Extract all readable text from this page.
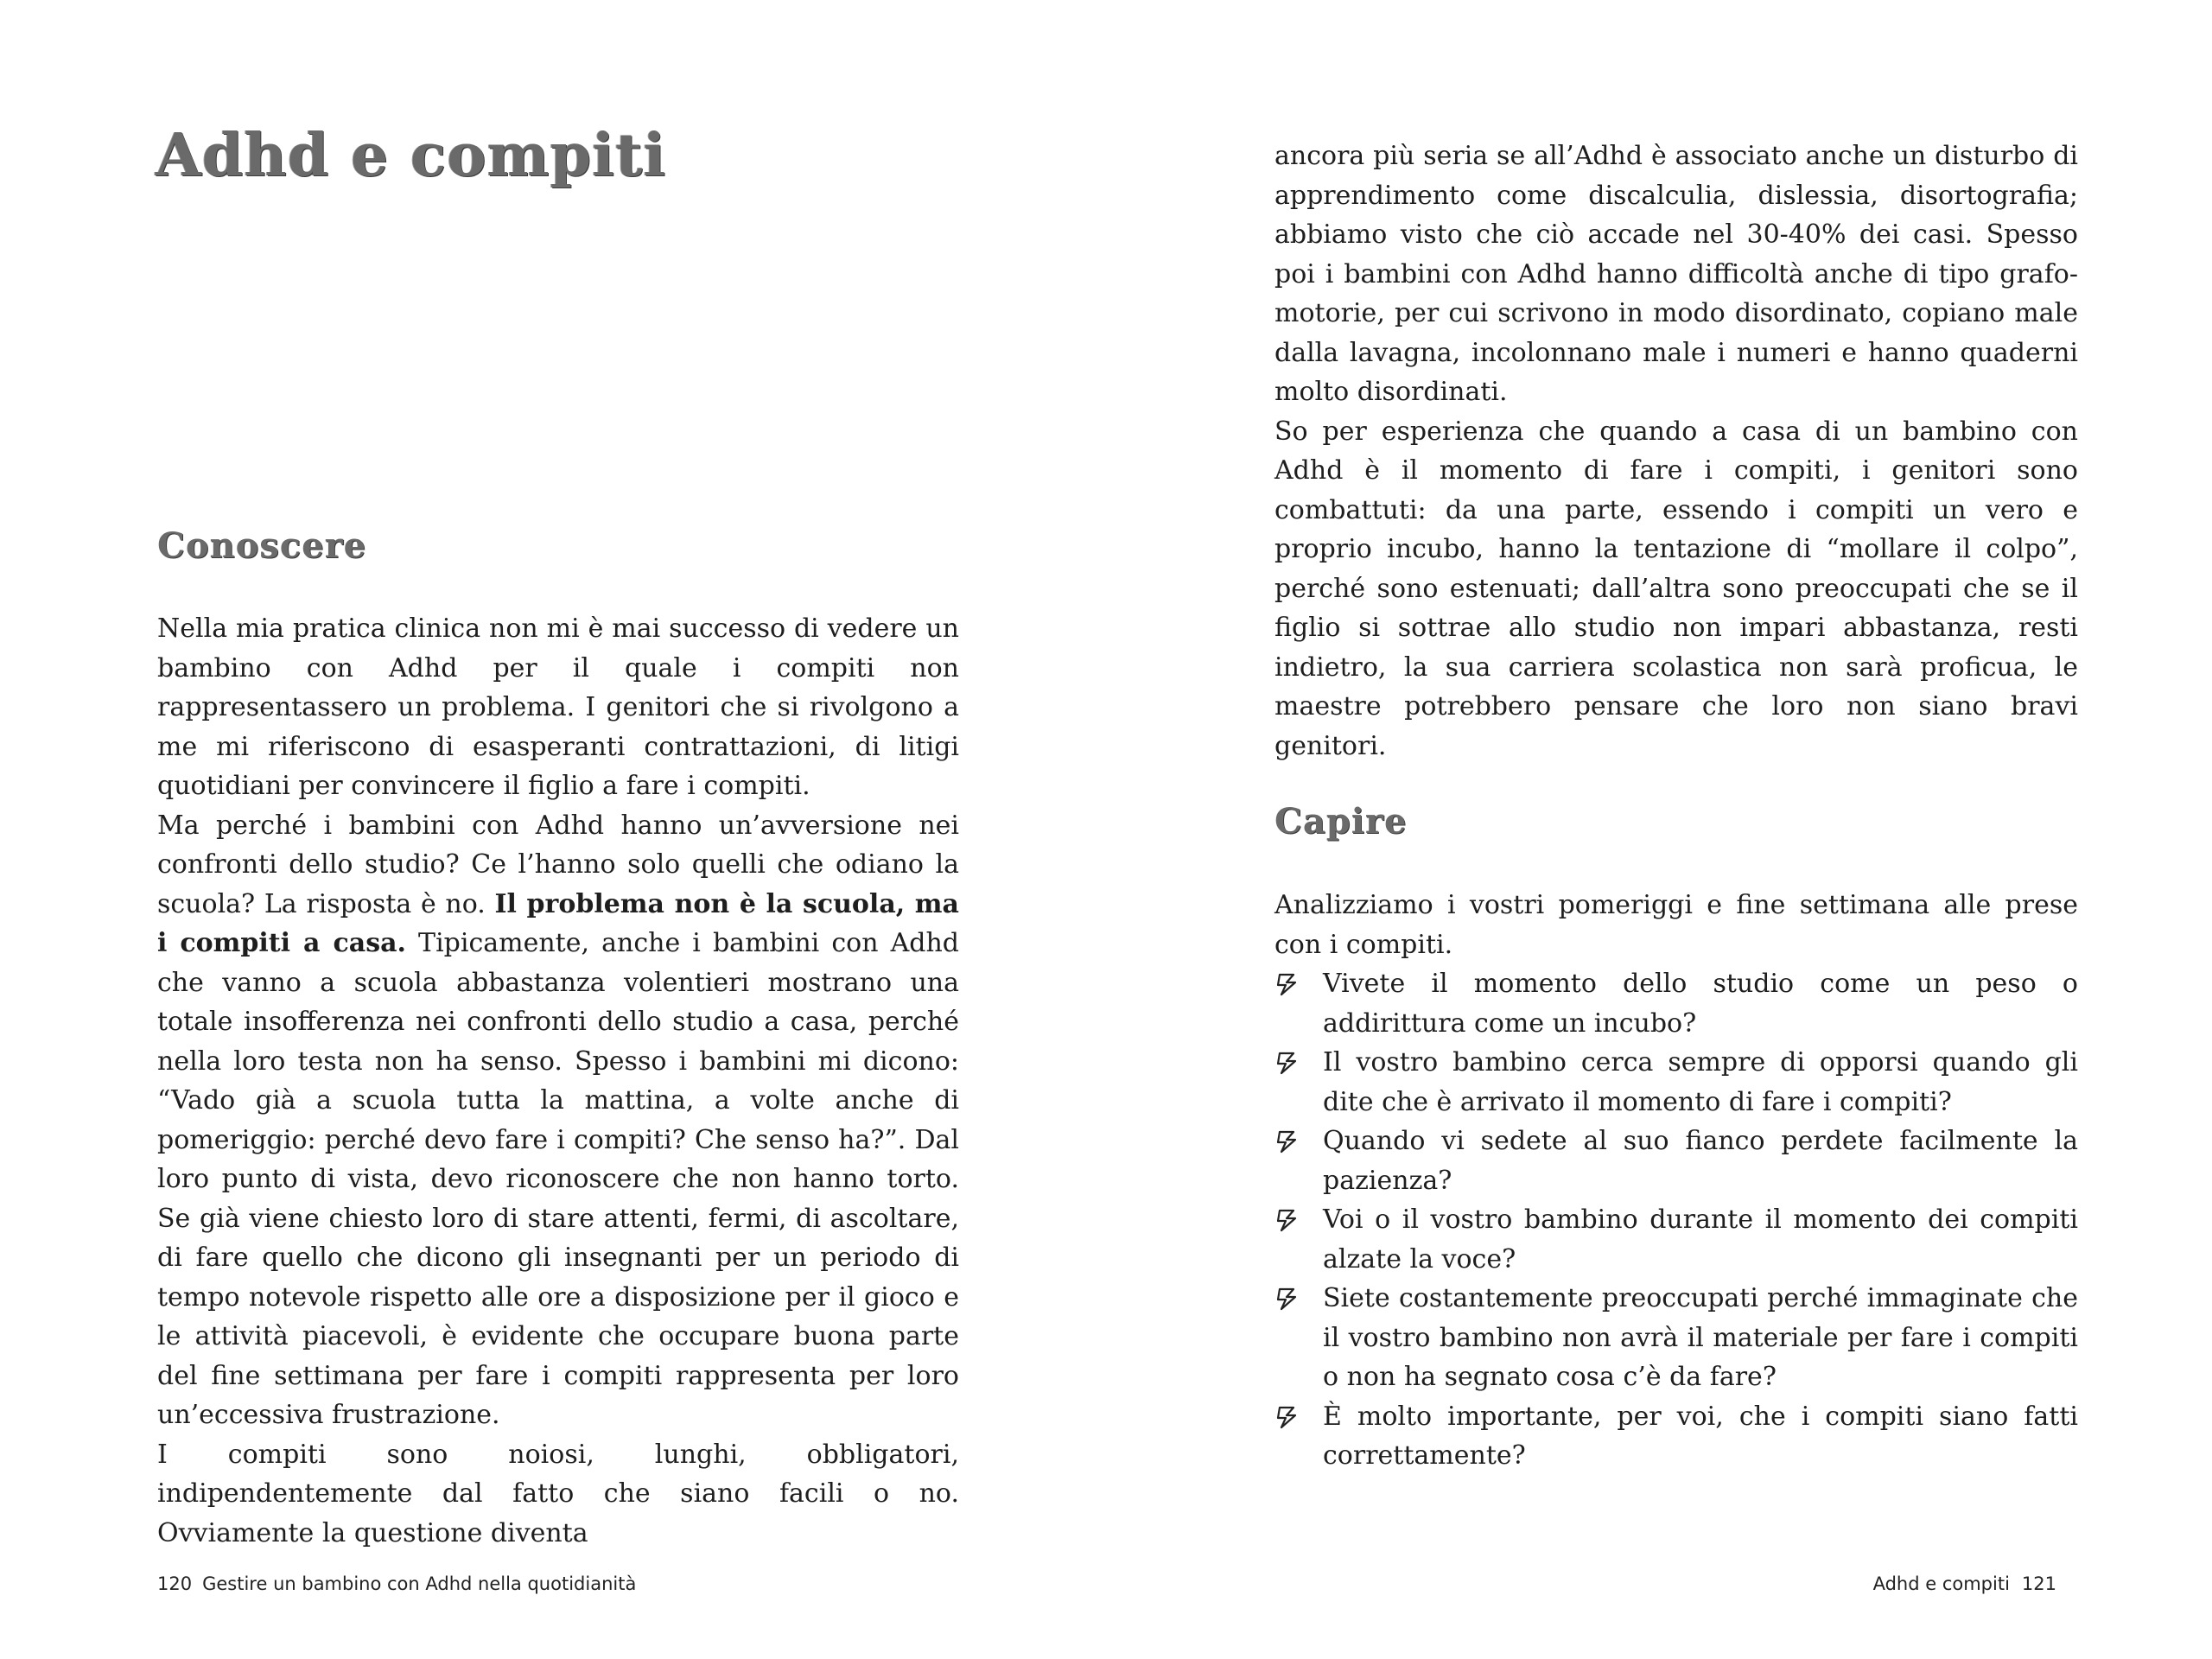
Adhd e compiti
Conoscere

Nella mia pratica clinica non mi è mai successo di vedere un bambino con Adhd per il quale i compiti non rappresentassero un problema. I genitori che si rivolgono a me mi riferiscono di esasperanti contrattazioni, di litigi quotidiani per convincere il figlio a fare i compiti.

Ma perché i bambini con Adhd hanno un’avversione nei confronti dello studio? Ce l’hanno solo quelli che odiano la scuola? La risposta è no. Il problema non è la scuola, ma i compiti a casa. Tipicamente, anche i bambini con Adhd che vanno a scuola abbastanza volentieri mostrano una totale insofferenza nei confronti dello studio a casa, perché nella loro testa non ha senso. Spesso i bambini mi dicono: “Vado già a scuola tutta la mattina, a volte anche di pomeriggio: perché devo fare i compiti? Che senso ha?”. Dal loro punto di vista, devo riconoscere che non hanno torto. Se già viene chiesto loro di stare attenti, fermi, di ascoltare, di fare quello che dicono gli insegnanti per un periodo di tempo notevole rispetto alle ore a disposizione per il gioco e le attività piacevoli, è evidente che occupare buona parte del fine settimana per fare i compiti rappresenta per loro un’eccessiva frustrazione.

I compiti sono noiosi, lunghi, obbligatori, indipendentemente dal fatto che siano facili o no. Ovviamente la questione diventa

120 Gestire un bambino con Adhd nella quotidianità

ancora più seria se all’Adhd è associato anche un disturbo di apprendimento come discalculia, dislessia, disortografia; abbiamo visto che ciò accade nel 30-40% dei casi. Spesso poi i bambini con Adhd hanno difficoltà anche di tipo grafo-motorie, per cui scrivono in modo disordinato, copiano male dalla lavagna, incolonnano male i numeri e hanno quaderni molto disordinati.

So per esperienza che quando a casa di un bambino con Adhd è il momento di fare i compiti, i genitori sono combattuti: da una parte, essendo i compiti un vero e proprio incubo, hanno la tentazione di “mollare il colpo”, perché sono estenuati; dall’altra sono preoccupati che se il figlio si sottrae allo studio non impari abbastanza, resti indietro, la sua carriera scolastica non sarà proficua, le maestre potrebbero pensare che loro non siano bravi genitori.

Capire

Analizziamo i vostri pomeriggi e fine settimana alle prese con i compiti.

Vivete il momento dello studio come un peso o addirittura come un incubo?
Il vostro bambino cerca sempre di opporsi quando gli dite che è arrivato il momento di fare i compiti?
Quando vi sedete al suo fianco perdete facilmente la pazienza?
Voi o il vostro bambino durante il momento dei compiti alzate la voce?
Siete costantemente preoccupati perché immaginate che il vostro bambino non avrà il materiale per fare i compiti o non ha segnato cosa c’è da fare?
È molto importante, per voi, che i compiti siano fatti correttamente?
Adhd e compiti 121
